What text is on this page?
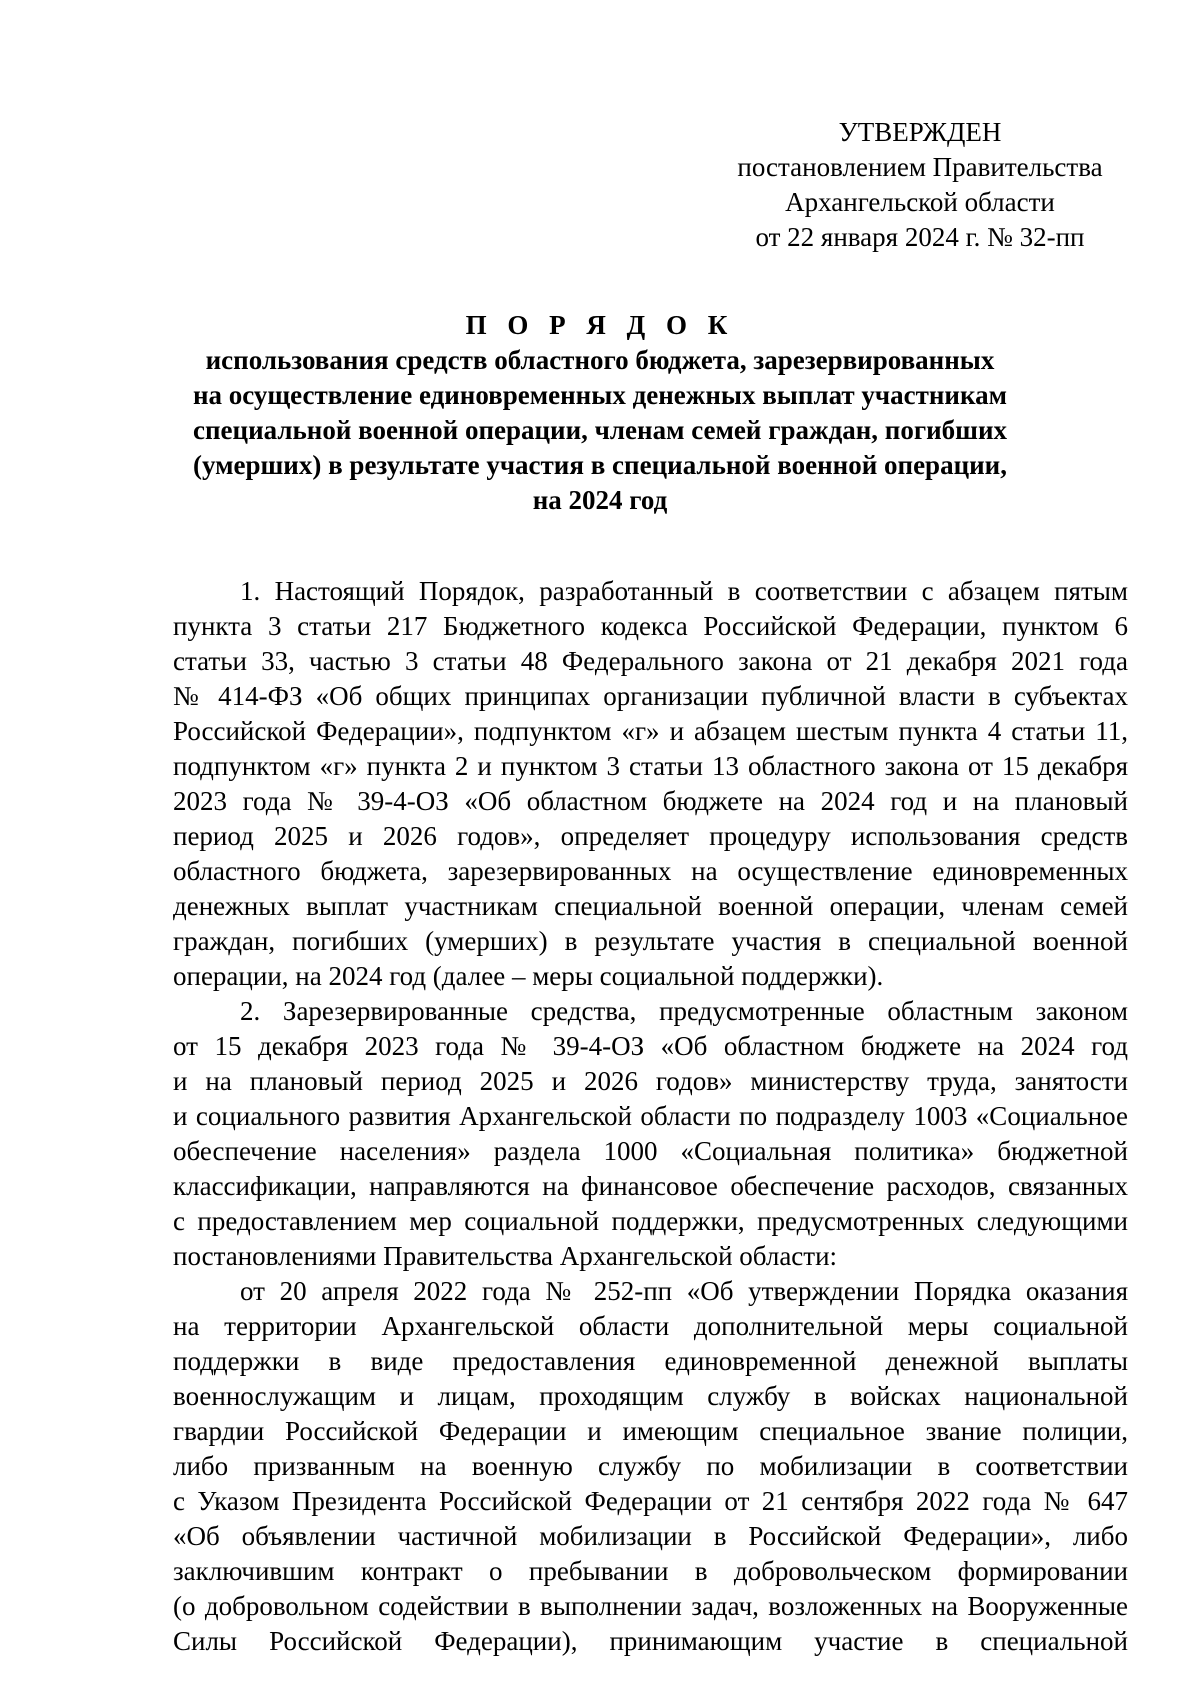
УТВЕРЖДЕН
постановлением Правительства
Архангельской области
от 22 января 2024 г. № 32-пп
П О Р Я Д О К
использования средств областного бюджета, зарезервированных
на осуществление единовременных денежных выплат участникам
специальной военной операции, членам семей граждан, погибших
(умерших) в результате участия в специальной военной операции,
на 2024 год
1. Настоящий Порядок, разработанный в соответствии с абзацем пятым
пункта 3 статьи 217 Бюджетного кодекса Российской Федерации, пунктом 6
статьи 33, частью 3 статьи 48 Федерального закона от 21 декабря 2021 года
№ 414-ФЗ «Об общих принципах организации публичной власти в субъектах
Российской Федерации», подпунктом «г» и абзацем шестым пункта 4 статьи 11,
подпунктом «г» пункта 2 и пунктом 3 статьи 13 областного закона от 15 декабря
2023 года № 39-4-ОЗ «Об областном бюджете на 2024 год и на плановый
период 2025 и 2026 годов», определяет процедуру использования средств
областного бюджета, зарезервированных на осуществление единовременных
денежных выплат участникам специальной военной операции, членам семей
граждан, погибших (умерших) в результате участия в специальной военной
операции, на 2024 год (далее – меры социальной поддержки).
2. Зарезервированные средства, предусмотренные областным законом
от 15 декабря 2023 года № 39-4-ОЗ «Об областном бюджете на 2024 год
и на плановый период 2025 и 2026 годов» министерству труда, занятости
и социального развития Архангельской области по подразделу 1003 «Социальное
обеспечение населения» раздела 1000 «Социальная политика» бюджетной
классификации, направляются на финансовое обеспечение расходов, связанных
с предоставлением мер социальной поддержки, предусмотренных следующими
постановлениями Правительства Архангельской области:
от 20 апреля 2022 года № 252-пп «Об утверждении Порядка оказания
на территории Архангельской области дополнительной меры социальной
поддержки в виде предоставления единовременной денежной выплаты
военнослужащим и лицам, проходящим службу в войсках национальной
гвардии Российской Федерации и имеющим специальное звание полиции,
либо призванным на военную службу по мобилизации в соответствии
с Указом Президента Российской Федерации от 21 сентября 2022 года № 647
«Об объявлении частичной мобилизации в Российской Федерации», либо
заключившим контракт о пребывании в добровольческом формировании
(о добровольном содействии в выполнении задач, возложенных на Вооруженные
Силы Российской Федерации), принимающим участие в специальной
